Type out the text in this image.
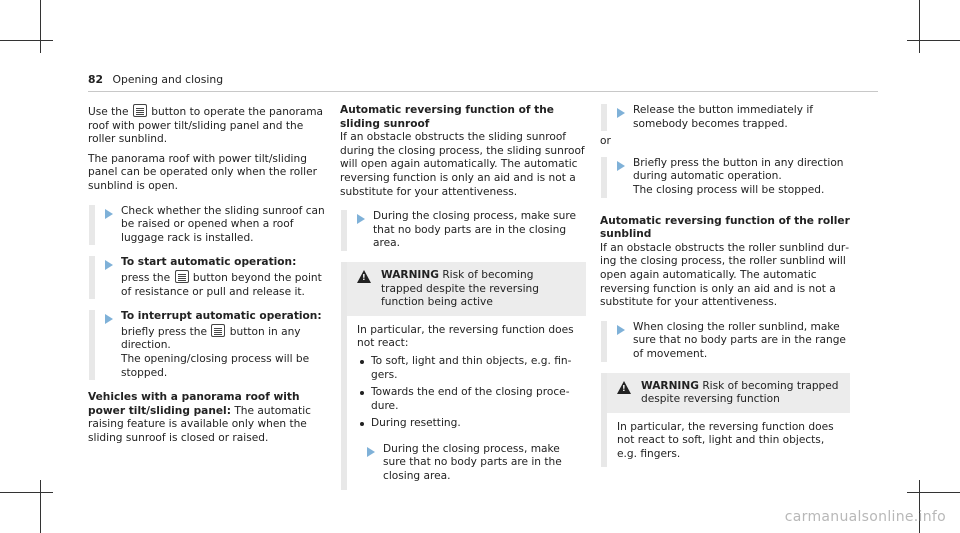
82 Opening and closing

Use the button to operate the panorama roof with power tilt/sliding panel and the roller sunblind.

The panorama roof with power tilt/sliding panel can be operated only when the roller sunblind is open.

Check whether the sliding sunroof can be raised or opened when a roof luggage rack is installed.

To start automatic operation: press the button beyond the point of resistance or pull and release it.

To interrupt automatic operation: briefly press the button in any direction.

The opening/closing process will be stopped.

Vehicles with a panorama roof with power tilt/sliding panel: The automatic raising feature is available only when the sliding sunroof is closed or raised.

Automatic reversing function of the sliding sunroof

If an obstacle obstructs the sliding sunroof during the closing process, the sliding sunroof will open again automatically. The automatic reversing function is only an aid and is not a substitute for your attentiveness.

During the closing process, make sure that no body parts are in the closing area.

! WARNING Risk of becoming trapped despite the reversing function being active

In particular, the reversing function does not react:

To soft, light and thin objects, e.g. fingers.
Towards the end of the closing procedure.
During resetting.

During the closing process, make sure that no body parts are in the closing area.

Release the button immediately if somebody becomes trapped.

or

Briefly press the button in any direction during automatic operation.

The closing process will be stopped.

Automatic reversing function of the roller sunblind

If an obstacle obstructs the roller sunblind during the closing process, the roller sunblind will open again automatically. The automatic reversing function is only an aid and is not a substitute for your attentiveness.

When closing the roller sunblind, make sure that no body parts are in the range of movement.

! WARNING Risk of becoming trapped despite reversing function

In particular, the reversing function does not react to soft, light and thin objects, e.g. fingers.

carmanualsonline.info
